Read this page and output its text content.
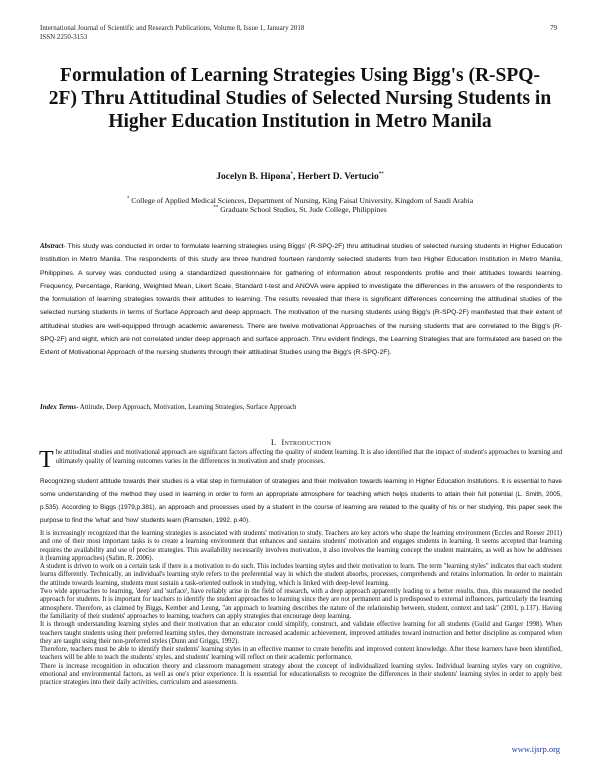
International Journal of Scientific and Research Publications, Volume 8, Issue 1, January 2018
ISSN 2250-3153
79
Formulation of Learning Strategies Using Bigg's (R-SPQ-2F) Thru Attitudinal Studies of Selected Nursing Students in Higher Education Institution in Metro Manila
Jocelyn B. Hipona*, Herbert D. Vertucio**
* College of Applied Medical Sciences, Department of Nursing, King Faisal University, Kingdom of Saudi Arabia
** Graduate School Studies, St. Jude College, Philippines
Abstract- This study was conducted in order to formulate learning strategies using Biggs' (R-SPQ-2F) thru attitudinal studies of selected nursing students in Higher Education Institution in Metro Manila. The respondents of this study are three hundred fourteen randomly selected students from two Higher Education Institution in Metro Manila, Philippines. A survey was conducted using a standardized questionnaire for gathering of information about respondents profile and their attitudes towards learning. Frequency, Percentage, Ranking, Weighted Mean, Likert Scale, Standard t-test and ANOVA were applied to investigate the differences in the answers of the respondents to the formulation of learning strategies towards their attitudes to learning. The results revealed that there is significant differences concerning the attitudinal studies of the selected nursing students in terms of Surface Approach and deep approach. The motivation of the nursing students using Bigg's (R-SPQ-2F) manifested that their extent of attitudinal studies are well-equipped through academic awareness. There are twelve motivational Approaches of the nursing students that are correlated to the Bigg's (R-SPQ-2F) and eight, which are not correlated under deep approach and surface approach. Thru evident findings, the Learning Strategies that are formulated are based on the Extent of Motivational Approach of the nursing students through their attitudinal Studies using the Bigg's (R-SPQ-2F).
Index Terms- Attitude, Deep Approach, Motivation, Learning Strategies, Surface Approach
I. Introduction
The attitudinal studies and motivational approach are significant factors affecting the quality of student learning. It is also identified that the impact of student's approaches to learning and ultimately quality of learning outcomes varies in the differences in motivation and study processes.
Recognizing student attitude towards their studies is a vital step in formulation of strategies and their motivation towards learning in Higher Education Institutions. It is essential to have some understanding of the method they used in learning in order to form an appropriate atmosphere for teaching which helps students to attain their full potential (L. Smith, 2005, p.535). According to Biggs (1979,p.381), an approach and processes used by a student in the course of learning are related to the quality of his or her studying, this paper seek the purpose to find the 'what' and 'how' students learn (Ramsden, 1992, p.40).

It is increasingly recognized that the learning strategies is associated with students' motivation to study. Teachers are key actors who shape the learning environment (Eccles and Roeser 2011) and one of their most important tasks is to create a learning environment that enhances and sustains students' motivation and engages students in learning. It seems accepted that learning requires the availability and use of precise strategies. This availability necessarily involves motivation, it also involves the learning concept the student maintains, as well as how he addresses it (learning approaches) (Salim, R. 2006).

A student is driven to work on a certain task if there is a motivation to do such. This includes learning styles and their motivation to learn. The term "learning styles" indicates that each student learns differently. Technically, an individual's learning style refers to the preferential way in which the student absorbs, processes, comprehends and retains information. In order to maintain the attitude towards learning, students must sustain a task-oriented outlook in studying, which is linked with deep-level learning.

Two wide approaches to learning, 'deep' and 'surface', have reliably arise in the field of research, with a deep approach apparently leading to a better results, thus, this measured the needed approach for students. It is important for teachers to identify the student approaches to learning since they are not permanent and is predisposed to external influences, particularly the learning atmosphere. Therefore, as claimed by Biggs, Kember and Leung, "an approach to learning describes the nature of the relationship between, student, context and task" (2001, p.137). Having the familiarity of their students' approaches to learning, teachers can apply strategies that encourage deep learning.

It is through understanding learning styles and their motivation that an educator could simplify, construct, and validate effective learning for all students (Guild and Garger 1998). When teachers taught students using their preferred learning styles, they demonstrate increased academic achievement, improved attitudes toward instruction and better discipline as compared when they are taught using their non-preferred styles (Dunn and Griggs, 1992).

Therefore, teachers must be able to identify their students' learning styles in an effective manner to create benefits and improved content knowledge. After these learners have been identified, teachers will be able to teach the students' styles, and students' learning will reflect on their academic performance.

There is increase recognition in education theory and classroom management strategy about the concept of individualized learning styles. Individual learning styles vary on cognitive, emotional and environmental factors, as well as one's prior experience. It is essential for educationalists to recognize the differences in their students' learning styles in order to apply best practice strategies into their daily activities, curriculum and assessments.

www.ijsrp.org
